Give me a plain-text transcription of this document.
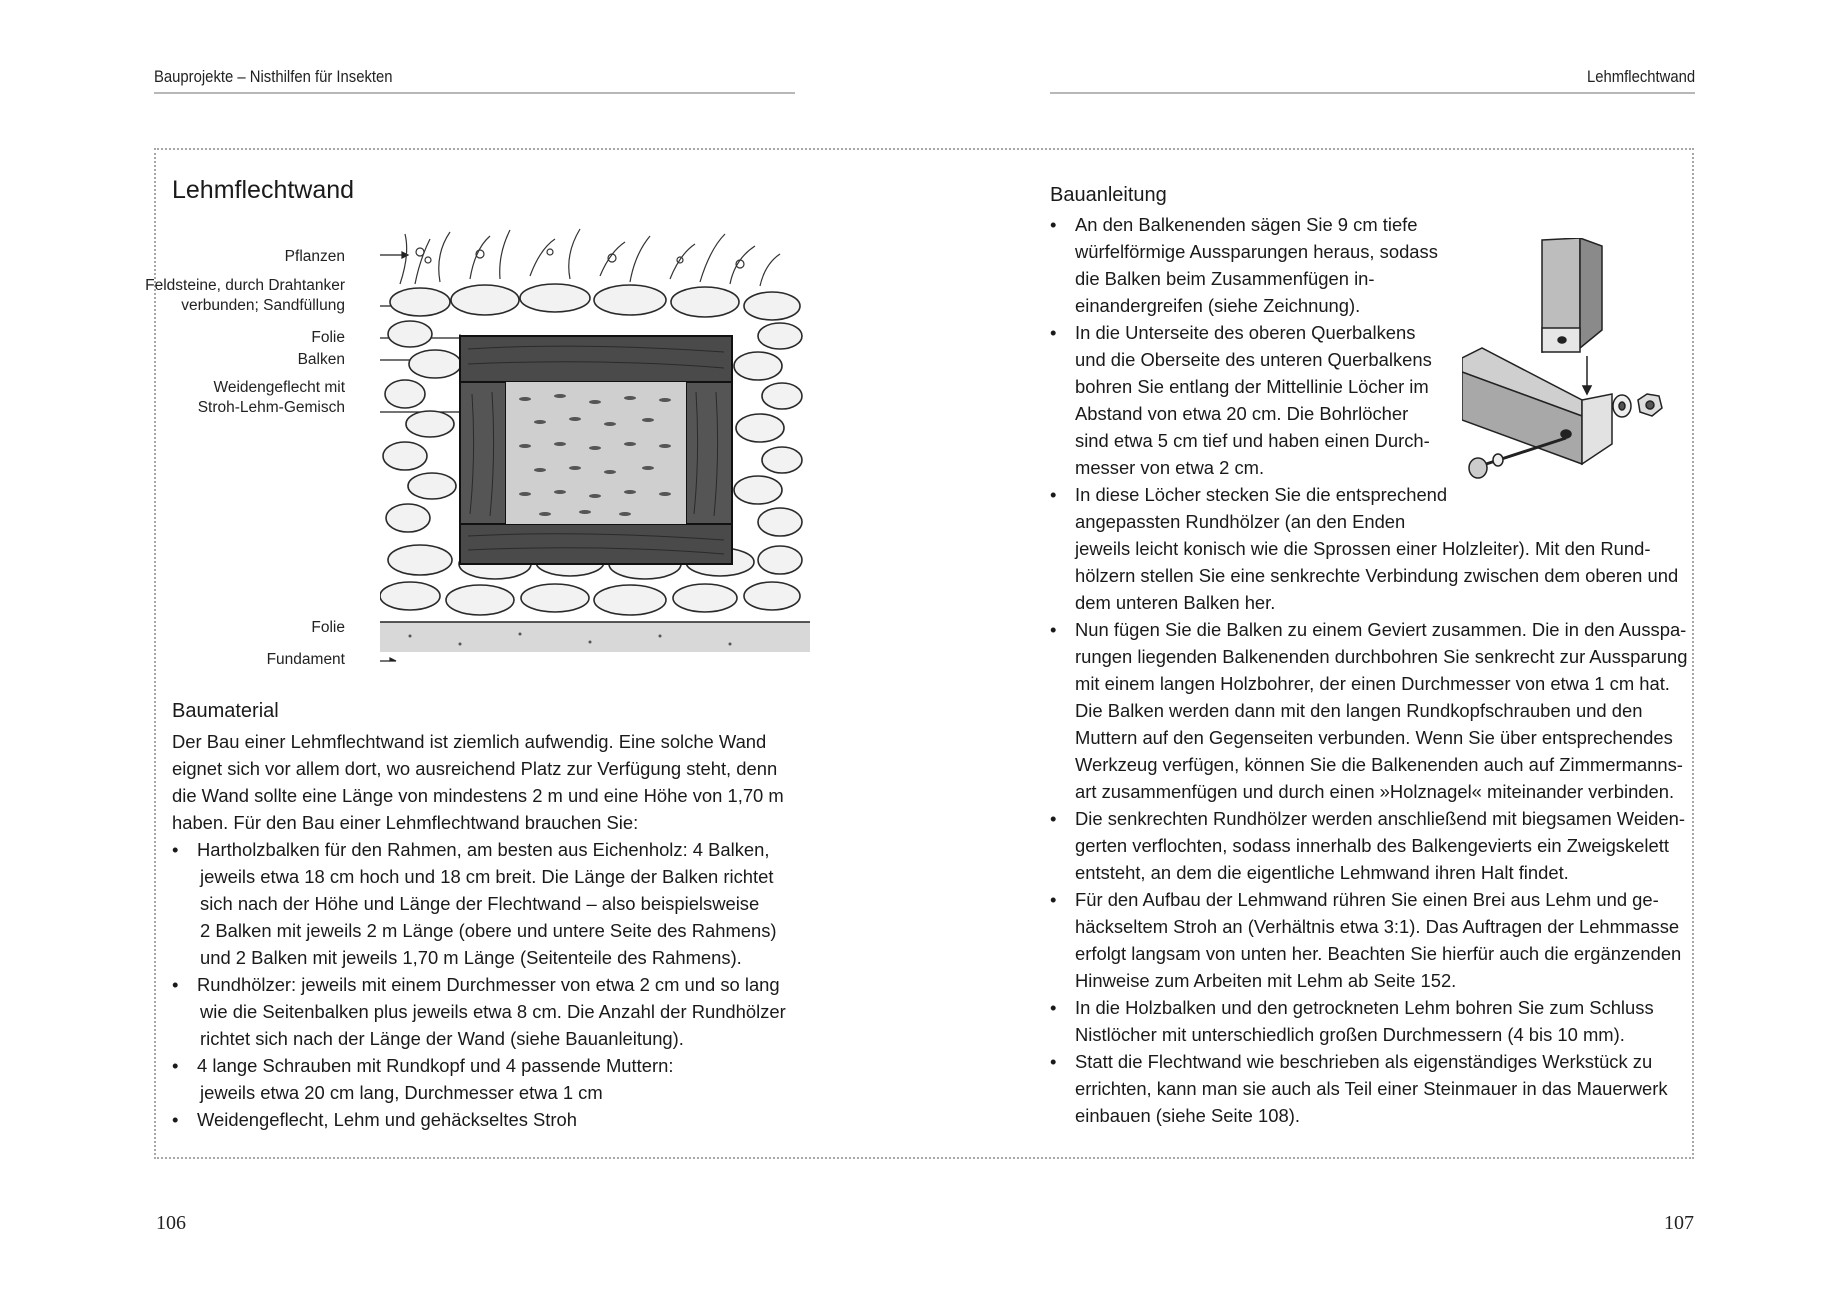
Bauprojekte – Nisthilfen für Insekten	Lehmflechtwand
Lehmflechtwand
Pflanzen
Feldsteine, durch Drahtanker
verbunden; Sandfüllung
Folie
Balken
Weidengeflecht mit
Stroh-Lehm-Gemisch
Folie
Fundament
Baumaterial

Der Bau einer Lehmflechtwand ist ziemlich aufwendig. Eine solche Wand

eignet sich vor allem dort, wo ausreichend Platz zur Verfügung steht, denn

die Wand sollte eine Länge von mindestens 2 m und eine Höhe von 1,70 m

haben. Für den Bau einer Lehmflechtwand brauchen Sie:

• Hartholzbalken für den Rahmen, am besten aus Eichenholz: 4 Balken,
jeweils etwa 18 cm hoch und 18 cm breit. Die Länge der Balken richtet
sich nach der Höhe und Länge der Flechtwand – also beispielsweise
2 Balken mit jeweils 2 m Länge (obere und untere Seite des Rahmens)
und 2 Balken mit jeweils 1,70 m Länge (Seitenteile des Rahmens).
• Rundhölzer: jeweils mit einem Durchmesser von etwa 2 cm und so lang
wie die Seitenbalken plus jeweils etwa 8 cm. Die Anzahl der Rundhölzer
richtet sich nach der Länge der Wand (siehe Bauanleitung).
• 4 lange Schrauben mit Rundkopf und 4 passende Muttern:
jeweils etwa 20 cm lang, Durchmesser etwa 1 cm
• Weidengeflecht, Lehm und gehäckseltes Stroh
Bauanleitung
• An den Balkenenden sägen Sie 9 cm tiefe
würfelförmige Aussparungen heraus, sodass
die Balken beim Zusammenfügen in-
einandergreifen (siehe Zeichnung).
• In die Unterseite des oberen Querbalkens
und die Oberseite des unteren Querbalkens
bohren Sie entlang der Mittellinie Löcher im
Abstand von etwa 20 cm. Die Bohrlöcher
sind etwa 5 cm tief und haben einen Durch-
messer von etwa 2 cm.
• In diese Löcher stecken Sie die entsprechend
angepassten Rundhölzer (an den Enden
jeweils leicht konisch wie die Sprossen einer Holzleiter). Mit den Rund-
hölzern stellen Sie eine senkrechte Verbindung zwischen dem oberen und
dem unteren Balken her.
• Nun fügen Sie die Balken zu einem Geviert zusammen. Die in den Ausspa-
rungen liegenden Balkenenden durchbohren Sie senkrecht zur Aussparung
mit einem langen Holzbohrer, der einen Durchmesser von etwa 1 cm hat.
Die Balken werden dann mit den langen Rundkopfschrauben und den
Muttern auf den Gegenseiten verbunden. Wenn Sie über entsprechendes
Werkzeug verfügen, können Sie die Balkenenden auch auf Zimmermanns-
art zusammenfügen und durch einen »Holznagel« miteinander verbinden.
• Die senkrechten Rundhölzer werden anschließend mit biegsamen Weiden-
gerten verflochten, sodass innerhalb des Balkengevierts ein Zweigskelett
entsteht, an dem die eigentliche Lehmwand ihren Halt findet.
• Für den Aufbau der Lehmwand rühren Sie einen Brei aus Lehm und ge-
häckseltem Stroh an (Verhältnis etwa 3:1). Das Auftragen der Lehmmasse
erfolgt langsam von unten her. Beachten Sie hierfür auch die ergänzenden
Hinweise zum Arbeiten mit Lehm ab Seite 152.
• In die Holzbalken und den getrockneten Lehm bohren Sie zum Schluss
Nistlöcher mit unterschiedlich großen Durchmessern (4 bis 10 mm).
• Statt die Flechtwand wie beschrieben als eigenständiges Werkstück zu
errichten, kann man sie auch als Teil einer Steinmauer in das Mauerwerk
einbauen (siehe Seite 108).
106	107
